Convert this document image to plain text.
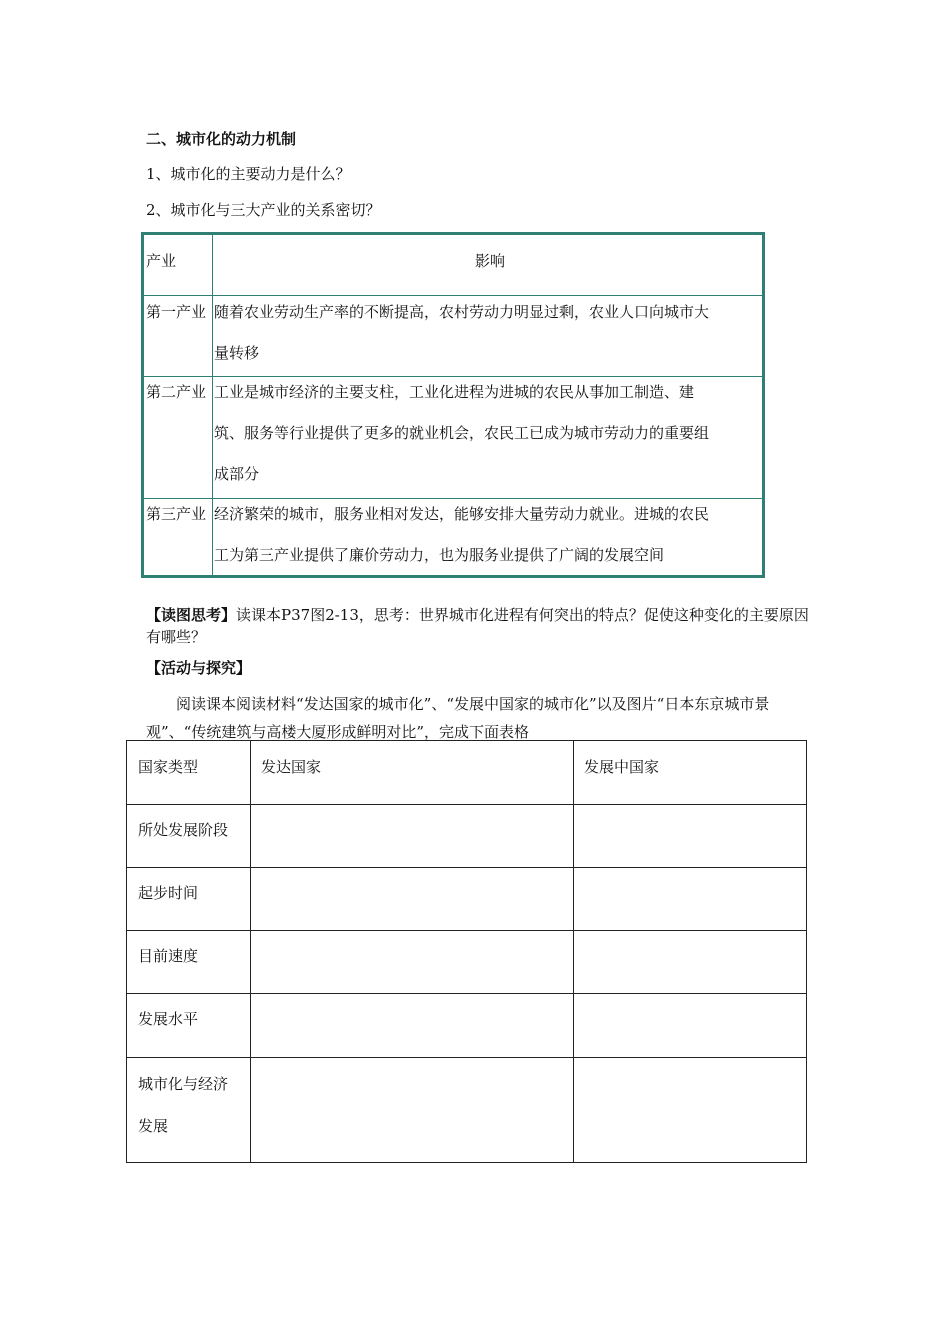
二、城市化的动力机制
1、城市化的主要动力是什么？
2、城市化与三大产业的关系密切？
产业	影响
第一产业 随着农业劳动生产率的不断提高，农村劳动力明显过剩，农业人口向城市大
量转移
第二产业 工业是城市经济的主要支柱，工业化进程为进城的农民从事加工制造、建
筑、服务等行业提供了更多的就业机会，农民工已成为城市劳动力的重要组
成部分
第三产业 经济繁荣的城市，服务业相对发达，能够安排大量劳动力就业。进城的农民
工为第三产业提供了廉价劳动力，也为服务业提供了广阔的发展空间
【读图思考】读课本P37图2-13，思考：世界城市化进程有何突出的特点？促使这种变化的主要原因有哪些？
【活动与探究】
阅读课本阅读材料“发达国家的城市化”、“发展中国家的城市化”以及图片“日本东京城市景观”、“传统建筑与高楼大厦形成鲜明对比”，完成下面表格
国家类型	发达国家	发展中国家
所处发展阶段
起步时间
目前速度
发展水平
城市化与经济
发展
